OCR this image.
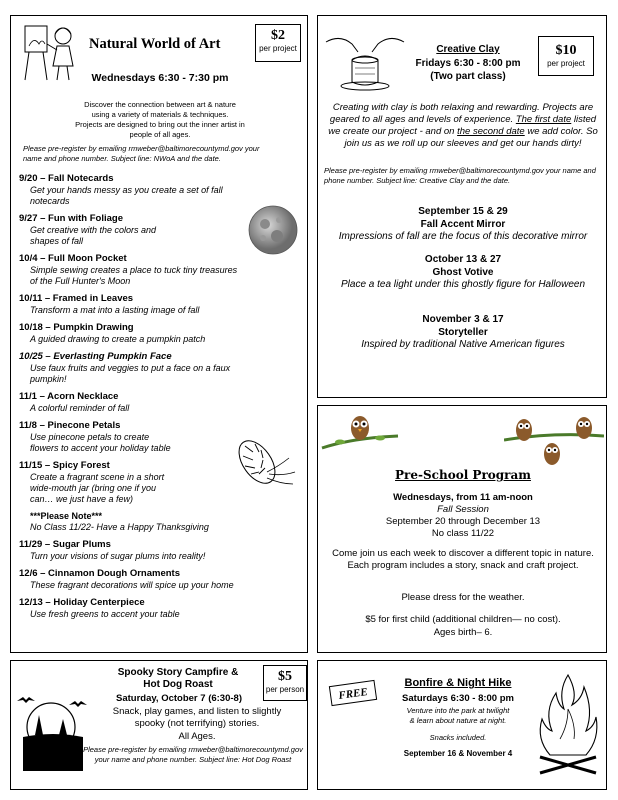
Natural World of Art
$2
per project
Wednesdays 6:30 - 7:30 pm
Discover the connection between art & nature
using a variety of materials & techniques.
Projects are designed to bring out the inner artist in
people of all ages.
Please pre-register by emailing rmweber@baltimorecountymd.gov your
name and phone number. Subject line: NWoA and the date.
9/20 – Fall Notecards
Get your hands messy as you create a set of fall
notecards
9/27 – Fun with Foliage
Get creative with the colors and
shapes of fall
10/4 – Full Moon Pocket
Simple sewing creates a place to tuck tiny treasures
of the Full Hunter's Moon
10/11 – Framed in Leaves
Transform a mat into a lasting image of fall
10/18 – Pumpkin Drawing
A guided drawing to create a pumpkin patch
10/25 – Everlasting Pumpkin Face
Use faux fruits and veggies to put a face on a faux
pumpkin!
11/1 – Acorn Necklace
A colorful reminder of fall
11/8 – Pinecone Petals
Use pinecone petals to create
flowers to accent your holiday table
11/15 – Spicy Forest
Create a fragrant scene in a short
wide-mouth jar (bring one if you
can… we just have a few)
***Please Note***
No Class 11/22- Have a Happy Thanksgiving
11/29 – Sugar Plums
Turn your visions of sugar plums into reality!
12/6 – Cinnamon Dough Ornaments
These fragrant decorations will spice up your home
12/13 – Holiday Centerpiece
Use fresh greens to accent your table
Creative Clay
Fridays 6:30 - 8:00 pm
(Two part class)
$10
per project
Creating with clay is both relaxing and rewarding. Projects are geared to all ages and levels of experience. The first date listed we create our project - and on the second date we add color. So join us as we roll up our sleeves and get our hands dirty!
Please pre-register by emailing rmweber@baltimorecountymd.gov your name and phone number. Subject line: Creative Clay and the date.
September 15 & 29
Fall Accent Mirror
Impressions of fall are the focus of this decorative mirror
October 13 & 27
Ghost Votive
Place a tea light under this ghostly figure for Halloween
November 3 & 17
Storyteller
Inspired by traditional Native American figures
Pre-School Program
Wednesdays, from 11 am-noon
Fall Session
September 20 through December 13
No class 11/22
Come join us each week to discover a different topic in nature. Each program includes a story, snack and craft project.
Please dress for the weather.
$5 for first child (additional children— no cost).
Ages birth– 6.
Spooky Story Campfire &
Hot Dog Roast
$5
per person
Saturday, October 7 (6:30-8)
Snack, play games, and listen to slightly spooky (not terrifying) stories.
All Ages.
Please pre-register by emailing rmweber@baltimorecountymd.gov your name and phone number. Subject line: Hot Dog Roast
FREE
Bonfire & Night Hike
Saturdays 6:30 - 8:00 pm
Venture into the park at twilight
& learn about nature at night.
Snacks included.
September 16 & November 4
